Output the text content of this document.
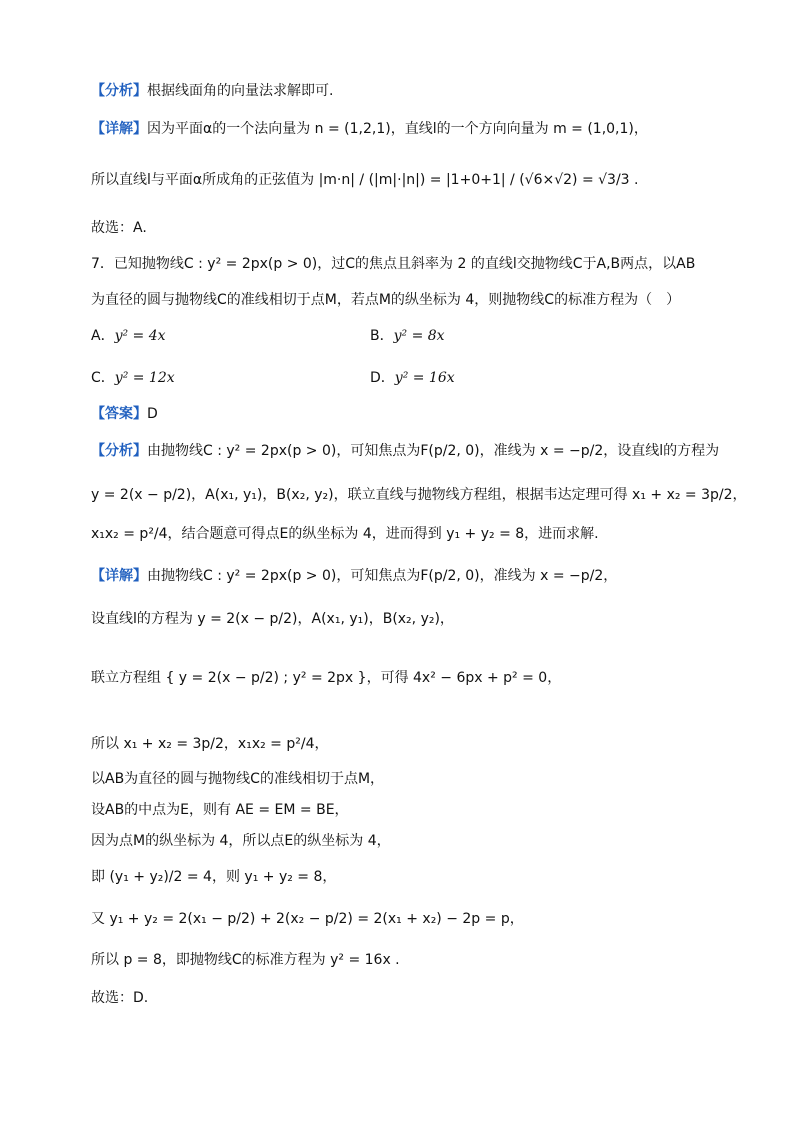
【分析】根据线面角的向量法求解即可.
【详解】因为平面α的一个法向量为 n = (1,2,1)，直线l的一个方向向量为 m = (1,0,1)，
所以直线l与平面α所成角的正弦值为 |m·n| / (|m|·|n|) = |1+0+1| / (√6×√2) = √3/3 .
故选：A.
7．已知抛物线C : y² = 2px(p > 0)，过C的焦点且斜率为 2 的直线l交抛物线C于A,B两点，以AB
为直径的圆与抛物线C的准线相切于点M，若点M的纵坐标为 4，则抛物线C的标准方程为（　）
A．y² = 4x	B．y² = 8x
C．y² = 12x	D．y² = 16x
【答案】D
【分析】由抛物线C : y² = 2px(p > 0)，可知焦点为F(p/2, 0)，准线为 x = −p/2，设直线l的方程为
y = 2(x − p/2)，A(x₁, y₁)，B(x₂, y₂)，联立直线与抛物线方程组，根据韦达定理可得 x₁ + x₂ = 3p/2，
x₁x₂ = p²/4，结合题意可得点E的纵坐标为 4，进而得到 y₁ + y₂ = 8，进而求解.
【详解】由抛物线C : y² = 2px(p > 0)，可知焦点为F(p/2, 0)，准线为 x = −p/2，
设直线l的方程为 y = 2(x − p/2)，A(x₁, y₁)，B(x₂, y₂)，
联立方程组 { y = 2(x − p/2) ; y² = 2px }，可得 4x² − 6px + p² = 0，
所以 x₁ + x₂ = 3p/2，x₁x₂ = p²/4，
以AB为直径的圆与抛物线C的准线相切于点M，
设AB的中点为E，则有 AE = EM = BE，
因为点M的纵坐标为 4，所以点E的纵坐标为 4，
即 (y₁ + y₂)/2 = 4，则 y₁ + y₂ = 8，
又 y₁ + y₂ = 2(x₁ − p/2) + 2(x₂ − p/2) = 2(x₁ + x₂) − 2p = p，
所以 p = 8，即抛物线C的标准方程为 y² = 16x .
故选：D.
